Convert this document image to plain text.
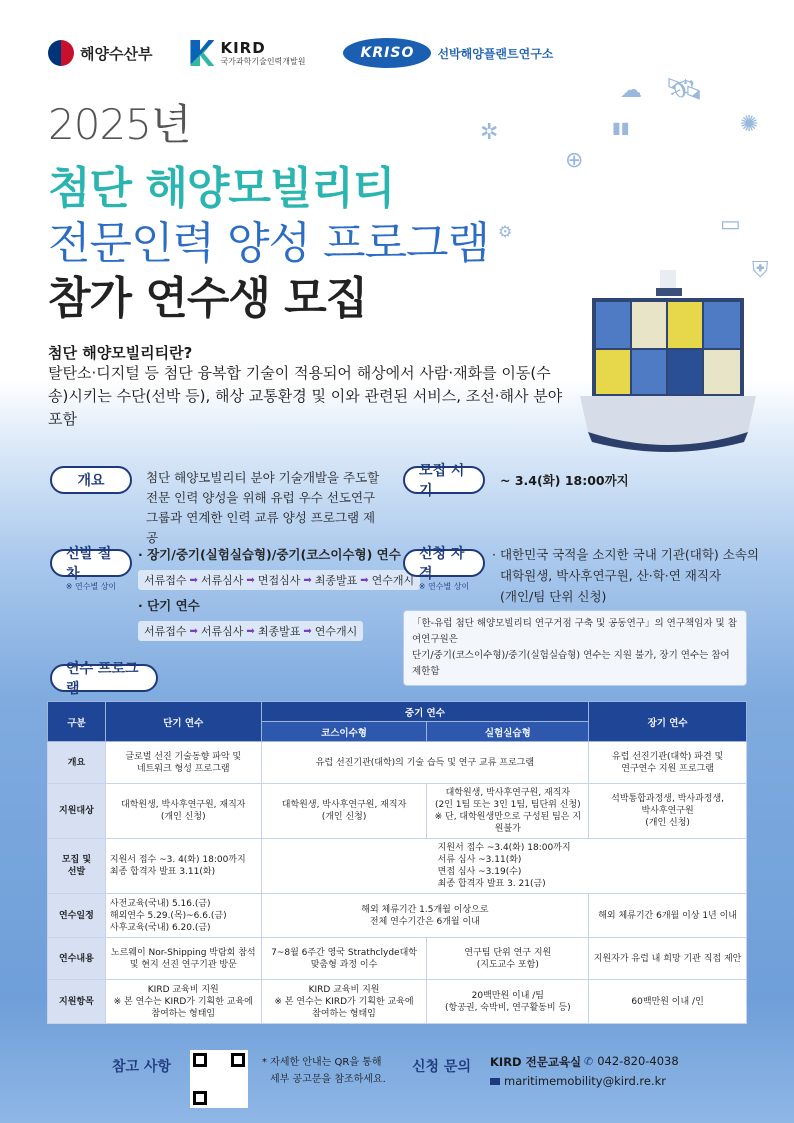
해양수산부	KIRD
국가과학기술인력개발원	KRISO	선박해양플랜트연구소
☁ 🛰
✲	▮▮	✺
⊕
▭
⚙
⛨
2025년
첨단 해양모빌리티
전문인력 양성 프로그램
참가 연수생 모집
첨단 해양모빌리티란?
탈탄소·디지털 등 첨단 융복합 기술이 적용되어 해상에서 사람·재화를 이동(수송)시키는 수단(선박 등), 해상 교통환경 및 이와 관련된 서비스, 조선·해사 분야 포함
개요	첨단 해양모빌리티 분야 기술개발을 주도할 전문 인력 양성을 위해 유럽 우수 선도연구그룹과 연계한 인력 교류 양성 프로그램 제공
모집 시기
~ 3.4(화) 18:00까지
선발 절차
※ 연수별 상이
· 장기/중기(실험실습형)/중기(코스이수형) 연수
서류접수 ➡ 서류심사 ➡ 면접심사 ➡ 최종발표 ➡ 연수개시
· 단기 연수
서류접수 ➡ 서류심사 ➡ 최종발표 ➡ 연수개시
신청 자격
※ 연수별 상이
· 대한민국 국적을 소지한 국내 기관(대학) 소속의
대학원생, 박사후연구원, 산·학·연 재직자
(개인/팀 단위 신청)
「한-유럽 첨단 해양모빌리티 연구거점 구축 및 공동연구」의 연구책임자 및 참여연구원은
단기/중기(코스이수형)/중기(실험실습형) 연수는 지원 불가, 장기 연수는 참여 제한함
연수 프로그램
구분	단기 연수	중기 연수		장기 연수
		코스이수형	실험실습형	
개요	글로벌 선진 기술동향 파악 및
네트워크 형성 프로그램	유럽 선진기관(대학)의 기술 습득 및 연구 교류 프로그램		유럽 선진기관(대학) 파견 및
연구연수 지원 프로그램
지원대상	대학원생, 박사후연구원, 재직자
(개인 신청)	대학원생, 박사후연구원, 재직자
(개인 신청)	대학원생, 박사후연구원, 재직자
(2인 1팀 또는 3인 1팀, 팀단위 신청)
※ 단, 대학원생만으로 구성된 팀은 지원불가	석박통합과정생, 박사과정생,
박사후연구원
(개인 신청)
모집 및
선발	지원서 접수 ~3. 4(화) 18:00까지
최종 합격자 발표 3.11(화)	지원서 접수 ~3.4(화) 18:00까지
서류 심사 ~3.11(화)
면접 심사 ~3.19(수)
최종 합격자 발표 3. 21(금)		
연수일정	사전교육(국내) 5.16.(금)
해외연수 5.29.(목)~6.6.(금)
사후교육(국내) 6.20.(금)	해외 체류기간 1.5개월 이상으로
전체 연수기간은 6개월 이내		해외 체류기간 6개월 이상 1년 이내
연수내용	노르웨이 Nor-Shipping 박람회 참석
및 현지 선진 연구기관 방문	7~8월 6주간 영국 Strathclyde대학
맞춤형 과정 이수	연구팀 단위 연구 지원
(지도교수 포함)	지원자가 유럽 내 희망 기관 직접 제안
지원항목	KIRD 교육비 지원
※ 본 연수는 KIRD가 기획한 교육에
참여하는 형태임	KIRD 교육비 지원
※ 본 연수는 KIRD가 기획한 교육에
참여하는 형태임	20백만원 이내 /팀
(항공권, 숙박비, 연구활동비 등)	60백만원 이내 /인
참고 사항	* 자세한 안내는 QR을 통해
세부 공고문을 참조하세요.
신청 문의 KIRD 전문교육실 ✆ 042-820-4038
maritimemobility@kird.re.kr
